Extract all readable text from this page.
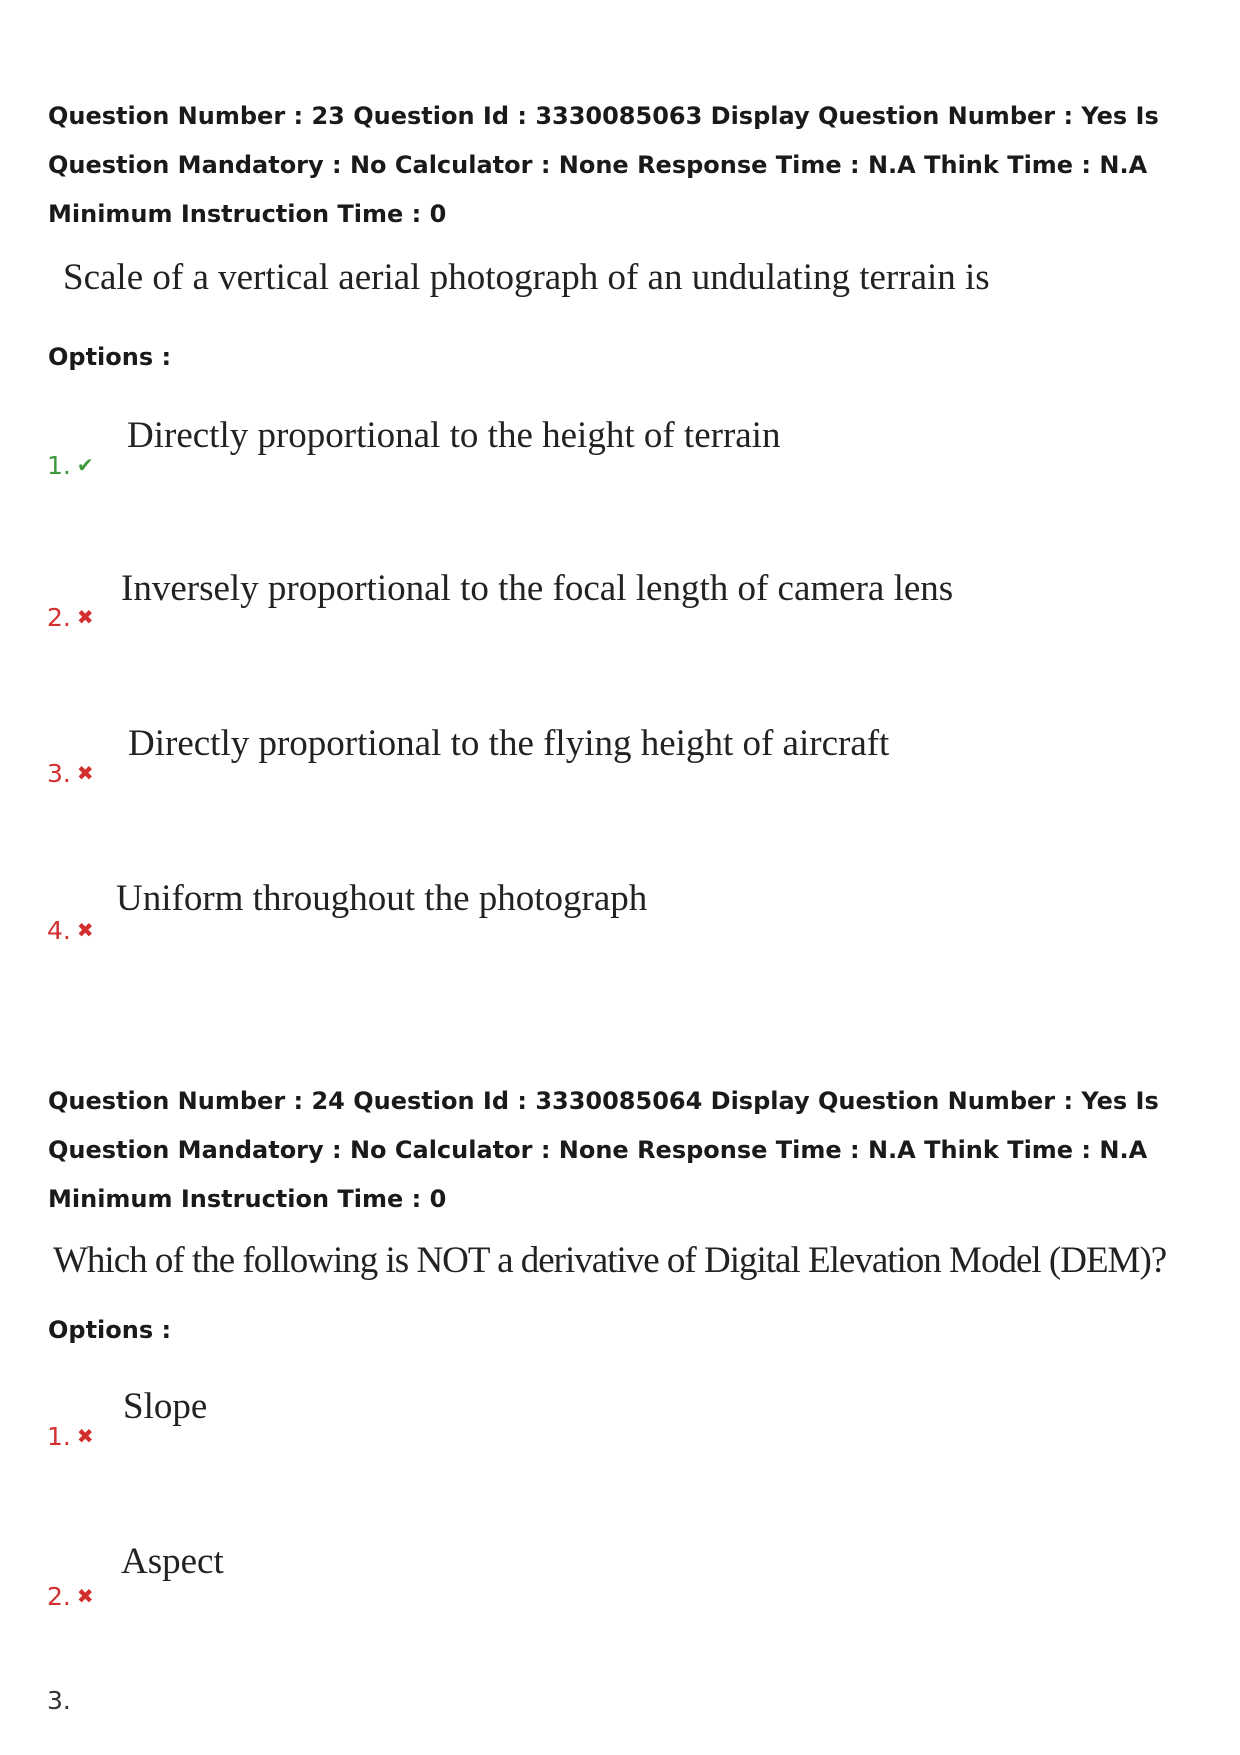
Question Number : 23 Question Id : 3330085063 Display Question Number : Yes Is Question Mandatory : No Calculator : None Response Time : N.A Think Time : N.A Minimum Instruction Time : 0
Scale of a vertical aerial photograph of an undulating terrain is
Options :
1. ✔
Directly proportional to the height of terrain
2. ✖
Inversely proportional to the focal length of camera lens
3. ✖
Directly proportional to the flying height of aircraft
4. ✖
Uniform throughout the photograph
Question Number : 24 Question Id : 3330085064 Display Question Number : Yes Is Question Mandatory : No Calculator : None Response Time : N.A Think Time : N.A Minimum Instruction Time : 0
Which of the following is NOT a derivative of Digital Elevation Model (DEM)?
Options :
1. ✖
Slope
2. ✖
Aspect
3.
